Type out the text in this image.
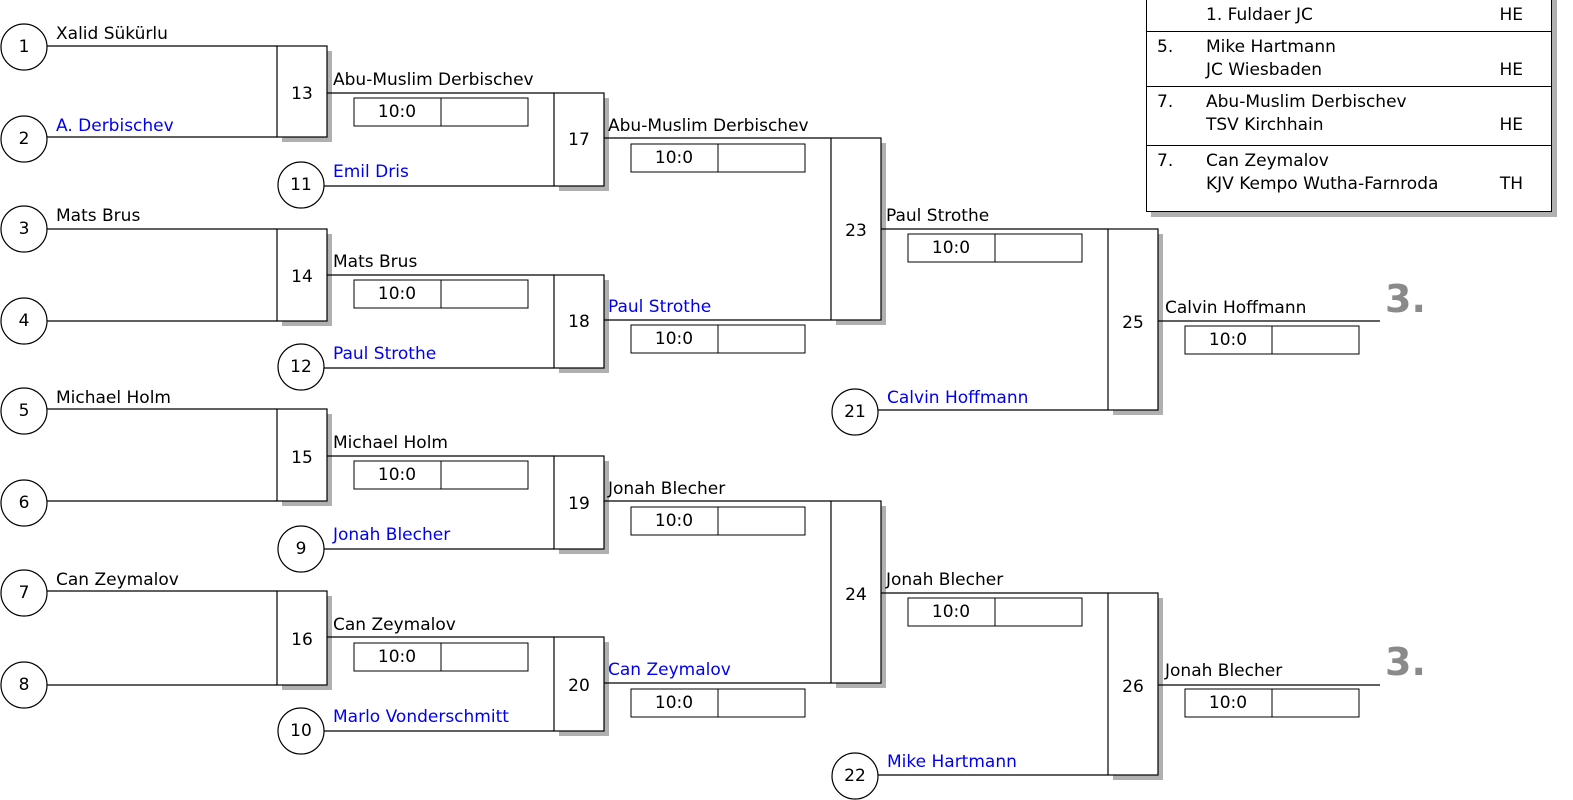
1
Xalid Sükürlu
2
A. Derbischev
3
Mats Brus
4
5
Michael Holm
6
7
Can Zeymalov
8
9
Jonah Blecher
10
Marlo Vonderschmitt
11
Emil Dris
12
Paul Strothe
21
Calvin Hoffmann
22
Mike Hartmann
13
Abu-Muslim Derbischev
10:0
14
Mats Brus
10:0
15
Michael Holm
10:0
16
Can Zeymalov
10:0
17
Abu-Muslim Derbischev
10:0
18
Paul Strothe
10:0
19
Jonah Blecher
10:0
20
Can Zeymalov
10:0
23
Paul Strothe
10:0
24
Jonah Blecher
10:0
25
Calvin Hoffmann
10:0
3.
26
Jonah Blecher
10:0
3.
1. Fuldaer JC	HE
5. Mike Hartmann
JC Wiesbaden	HE
7. Abu-Muslim Derbischev
TSV Kirchhain	HE
7. Can Zeymalov
KJV Kempo Wutha-Farnroda	TH
